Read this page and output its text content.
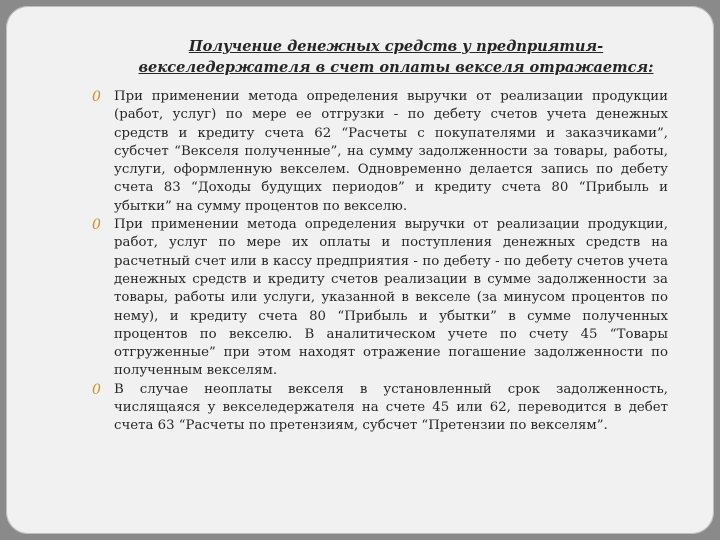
Получение денежных средств у предприятия-
векселедержателя в счет оплаты векселя отражается:
0 При применении метода определения выручки от реализации продукции (работ, услуг) по мере ее отгрузки - по дебету счетов учета денежных средств и кредиту счета 62 “Расчеты с покупателями и заказчиками”, субсчет “Векселя полученные”, на сумму задолженности за товары, работы, услуги, оформленную векселем. Одновременно делается запись по дебету счета 83 “Доходы будущих периодов” и кредиту счета 80 “Прибыль и убытки” на сумму процентов по векселю.
0 При применении метода определения выручки от реализации продукции, работ, услуг по мере их оплаты и поступления денежных средств на расчетный счет или в кассу предприятия - по дебету - по дебету счетов учета денежных средств и кредиту счетов реализации в сумме задолженности за товары, работы или услуги, указанной в векселе (за минусом процентов по нему), и кредиту счета 80 “Прибыль и убытки” в сумме полученных процентов по векселю. В аналитическом учете по счету 45 “Товары отгруженные” при этом находят отражение погашение задолженности по полученным векселям.
0 В случае неоплаты векселя в установленный срок задолженность, числящаяся у векселедержателя на счете 45 или 62, переводится в дебет счета 63 “Расчеты по претензиям, субсчет “Претензии по векселям”.
